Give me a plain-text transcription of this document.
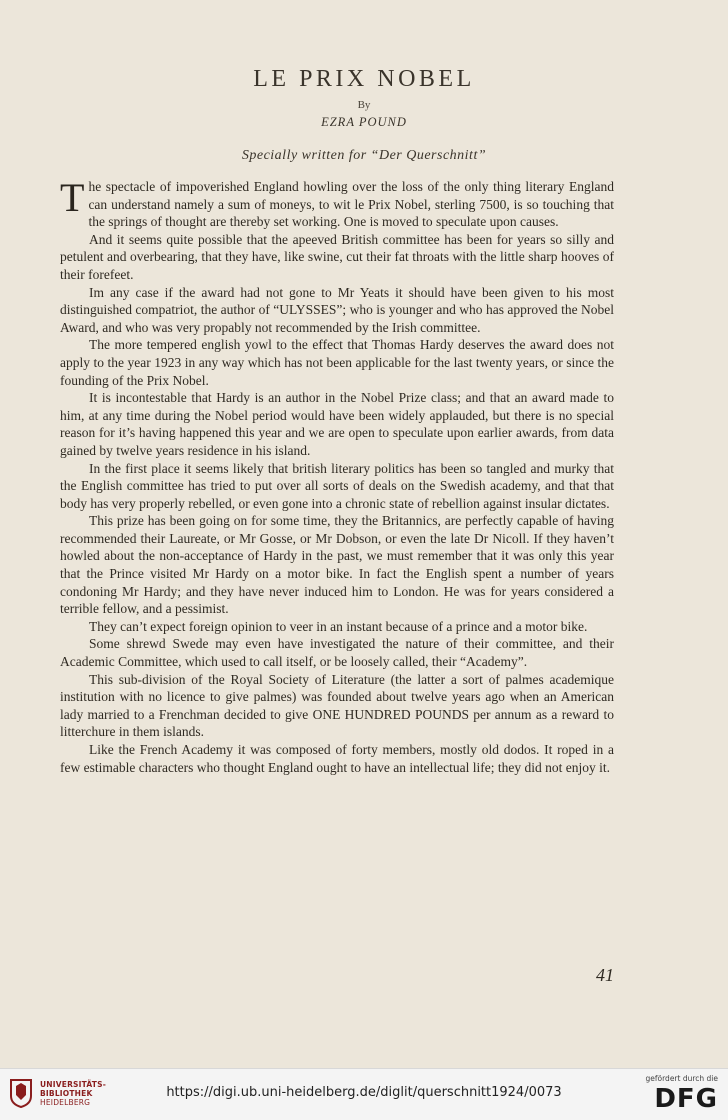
LE PRIX NOBEL
By
EZRA POUND
Specially written for “Der Querschnitt”

The spectacle of impoverished England howling over the loss of the only thing literary England can understand namely a sum of moneys, to wit le Prix Nobel, sterling 7500, is so touching that the springs of thought are thereby set working. One is moved to speculate upon causes.

And it seems quite possible that the apeeved British committee has been for years so silly and petulent and overbearing, that they have, like swine, cut their fat throats with the little sharp hooves of their forefeet.

Im any case if the award had not gone to Mr Yeats it should have been given to his most distinguished compatriot, the author of “ULYSSES”; who is younger and who has approved the Nobel Award, and who was very propably not recommended by the Irish committee.

The more tempered english yowl to the effect that Thomas Hardy deserves the award does not apply to the year 1923 in any way which has not been applicable for the last twenty years, or since the founding of the Prix Nobel.

It is incontestable that Hardy is an author in the Nobel Prize class; and that an award made to him, at any time during the Nobel period would have been widely applauded, but there is no special reason for it’s having happened this year and we are open to speculate upon earlier awards, from data gained by twelve years residence in his island.

In the first place it seems likely that british literary politics has been so tangled and murky that the English committee has tried to put over all sorts of deals on the Swedish academy, and that that body has very properly rebelled, or even gone into a chronic state of rebellion against insular dictates.

This prize has been going on for some time, they the Britannics, are perfectly capable of having recommended their Laureate, or Mr Gosse, or Mr Dobson, or even the late Dr Nicoll. If they haven’t howled about the non-acceptance of Hardy in the past, we must remember that it was only this year that the Prince visited Mr Hardy on a motor bike. In fact the English spent a number of years condoning Mr Hardy; and they have never induced him to London. He was for years considered a terrible fellow, and a pessimist.

They can’t expect foreign opinion to veer in an instant because of a prince and a motor bike.

Some shrewd Swede may even have investigated the nature of their committee, and their Academic Committee, which used to call itself, or be loosely called, their “Academy”.

This sub-division of the Royal Society of Literature (the latter a sort of palmes academique institution with no licence to give palmes) was founded about twelve years ago when an American lady married to a Frenchman decided to give ONE HUNDRED POUNDS per annum as a reward to litterchure in them islands.

Like the French Academy it was composed of forty members, mostly old dodos. It roped in a few estimable characters who thought England ought to have an intellectual life; they did not enjoy it.

41
UNIVERSITÄTS-
BIBLIOTHEK
HEIDELBERG
https://digi.ub.uni-heidelberg.de/diglit/querschnitt1924/0073
gefördert durch die
DFG
